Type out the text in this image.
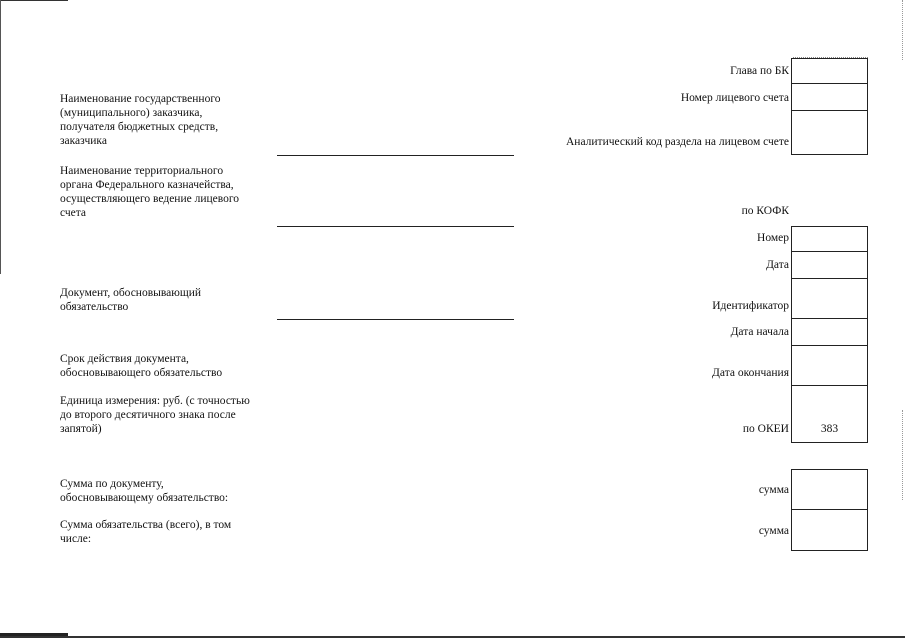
Наименование государственного
(муниципального) заказчика,
получателя бюджетных средств,
заказчика
Наименование территориального
органа Федерального казначейства,
осуществляющего ведение лицевого
счета
Документ, обосновывающий
обязательство
Срок действия документа,
обосновывающего обязательство
Единица измерения: руб. (с точностью
до второго десятичного знака после
запятой)
Сумма по документу,
обосновывающему обязательство:
Сумма обязательства (всего), в том
числе:
Глава по БК
Номер лицевого счета
Аналитический код раздела на лицевом счете
по КОФК
Номер
Дата
Идентификатор
Дата начала
Дата окончания
по ОКЕИ
сумма
сумма
383
